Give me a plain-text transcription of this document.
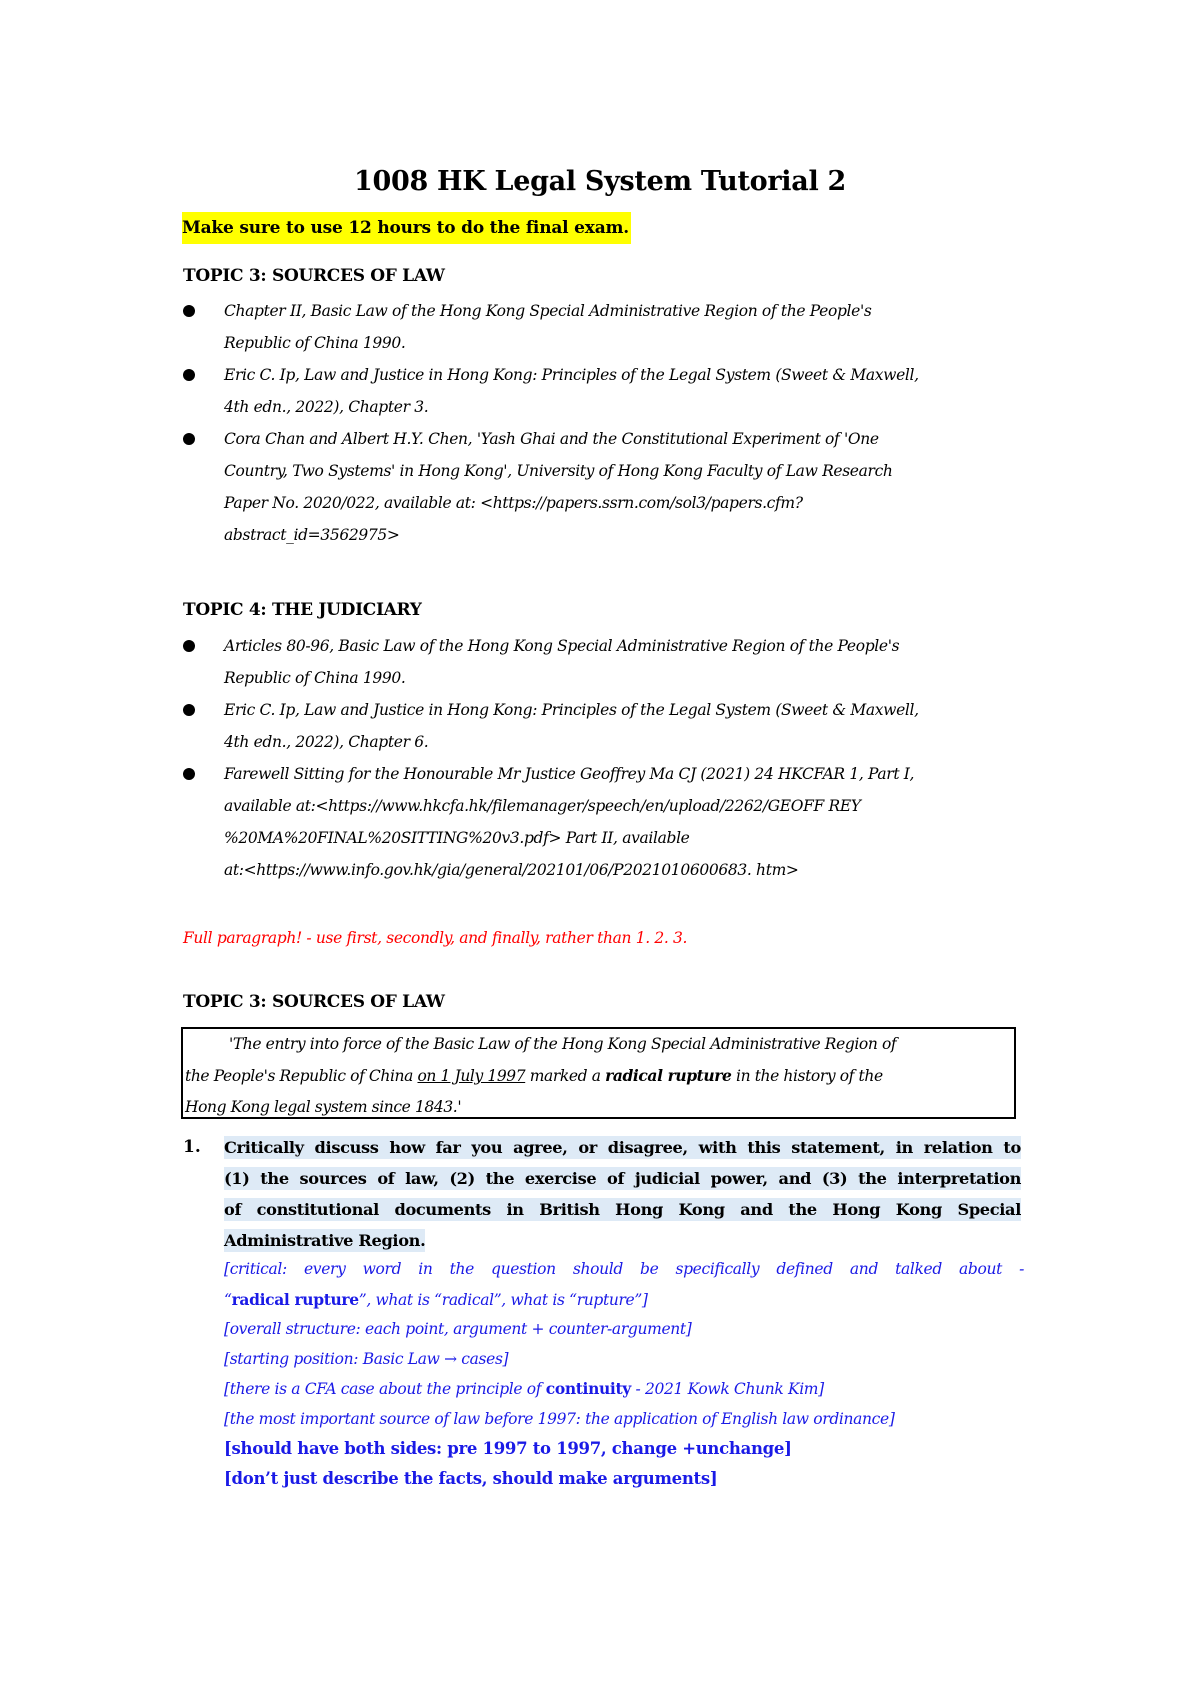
1008 HK Legal System Tutorial 2
Make sure to use 12 hours to do the final exam.
TOPIC 3: SOURCES OF LAW
Chapter II, Basic Law of the Hong Kong Special Administrative Region of the People's
Republic of China 1990.
Eric C. Ip, Law and Justice in Hong Kong: Principles of the Legal System (Sweet & Maxwell,
4th edn., 2022), Chapter 3.
Cora Chan and Albert H.Y. Chen, 'Yash Ghai and the Constitutional Experiment of 'One
Country, Two Systems' in Hong Kong', University of Hong Kong Faculty of Law Research
Paper No. 2020/022, available at: <https://papers.ssrn.com/sol3/papers.cfm?
abstract_id=3562975>
TOPIC 4: THE JUDICIARY
Articles 80-96, Basic Law of the Hong Kong Special Administrative Region of the People's
Republic of China 1990.
Eric C. Ip, Law and Justice in Hong Kong: Principles of the Legal System (Sweet & Maxwell,
4th edn., 2022), Chapter 6.
Farewell Sitting for the Honourable Mr Justice Geoffrey Ma CJ (2021) 24 HKCFAR 1, Part I,
available at:<https://www.hkcfa.hk/filemanager/speech/en/upload/2262/GEOFF REY
%20MA%20FINAL%20SITTING%20v3.pdf> Part II, available
at:<https://www.info.gov.hk/gia/general/202101/06/P2021010600683. htm>
Full paragraph! - use first, secondly, and finally, rather than 1. 2. 3.
TOPIC 3: SOURCES OF LAW
'The entry into force of the Basic Law of the Hong Kong Special Administrative Region of
the People's Republic of China on 1 July 1997 marked a radical rupture in the history of the
Hong Kong legal system since 1843.'
1. Critically discuss how far you agree, or disagree, with this statement, in relation to
(1) the sources of law, (2) the exercise of judicial power, and (3) the interpretation
of constitutional documents in British Hong Kong and the Hong Kong Special
Administrative Region.
[critical: every word in the question should be specifically defined and talked about -
“radical rupture”, what is “radical”, what is “rupture”]
[overall structure: each point, argument + counter-argument]
[starting position: Basic Law → cases]
[there is a CFA case about the principle of continuity - 2021 Kowk Chunk Kim]
[the most important source of law before 1997: the application of English law ordinance]
[should have both sides: pre 1997 to 1997, change +unchange]
[don’t just describe the facts, should make arguments]
